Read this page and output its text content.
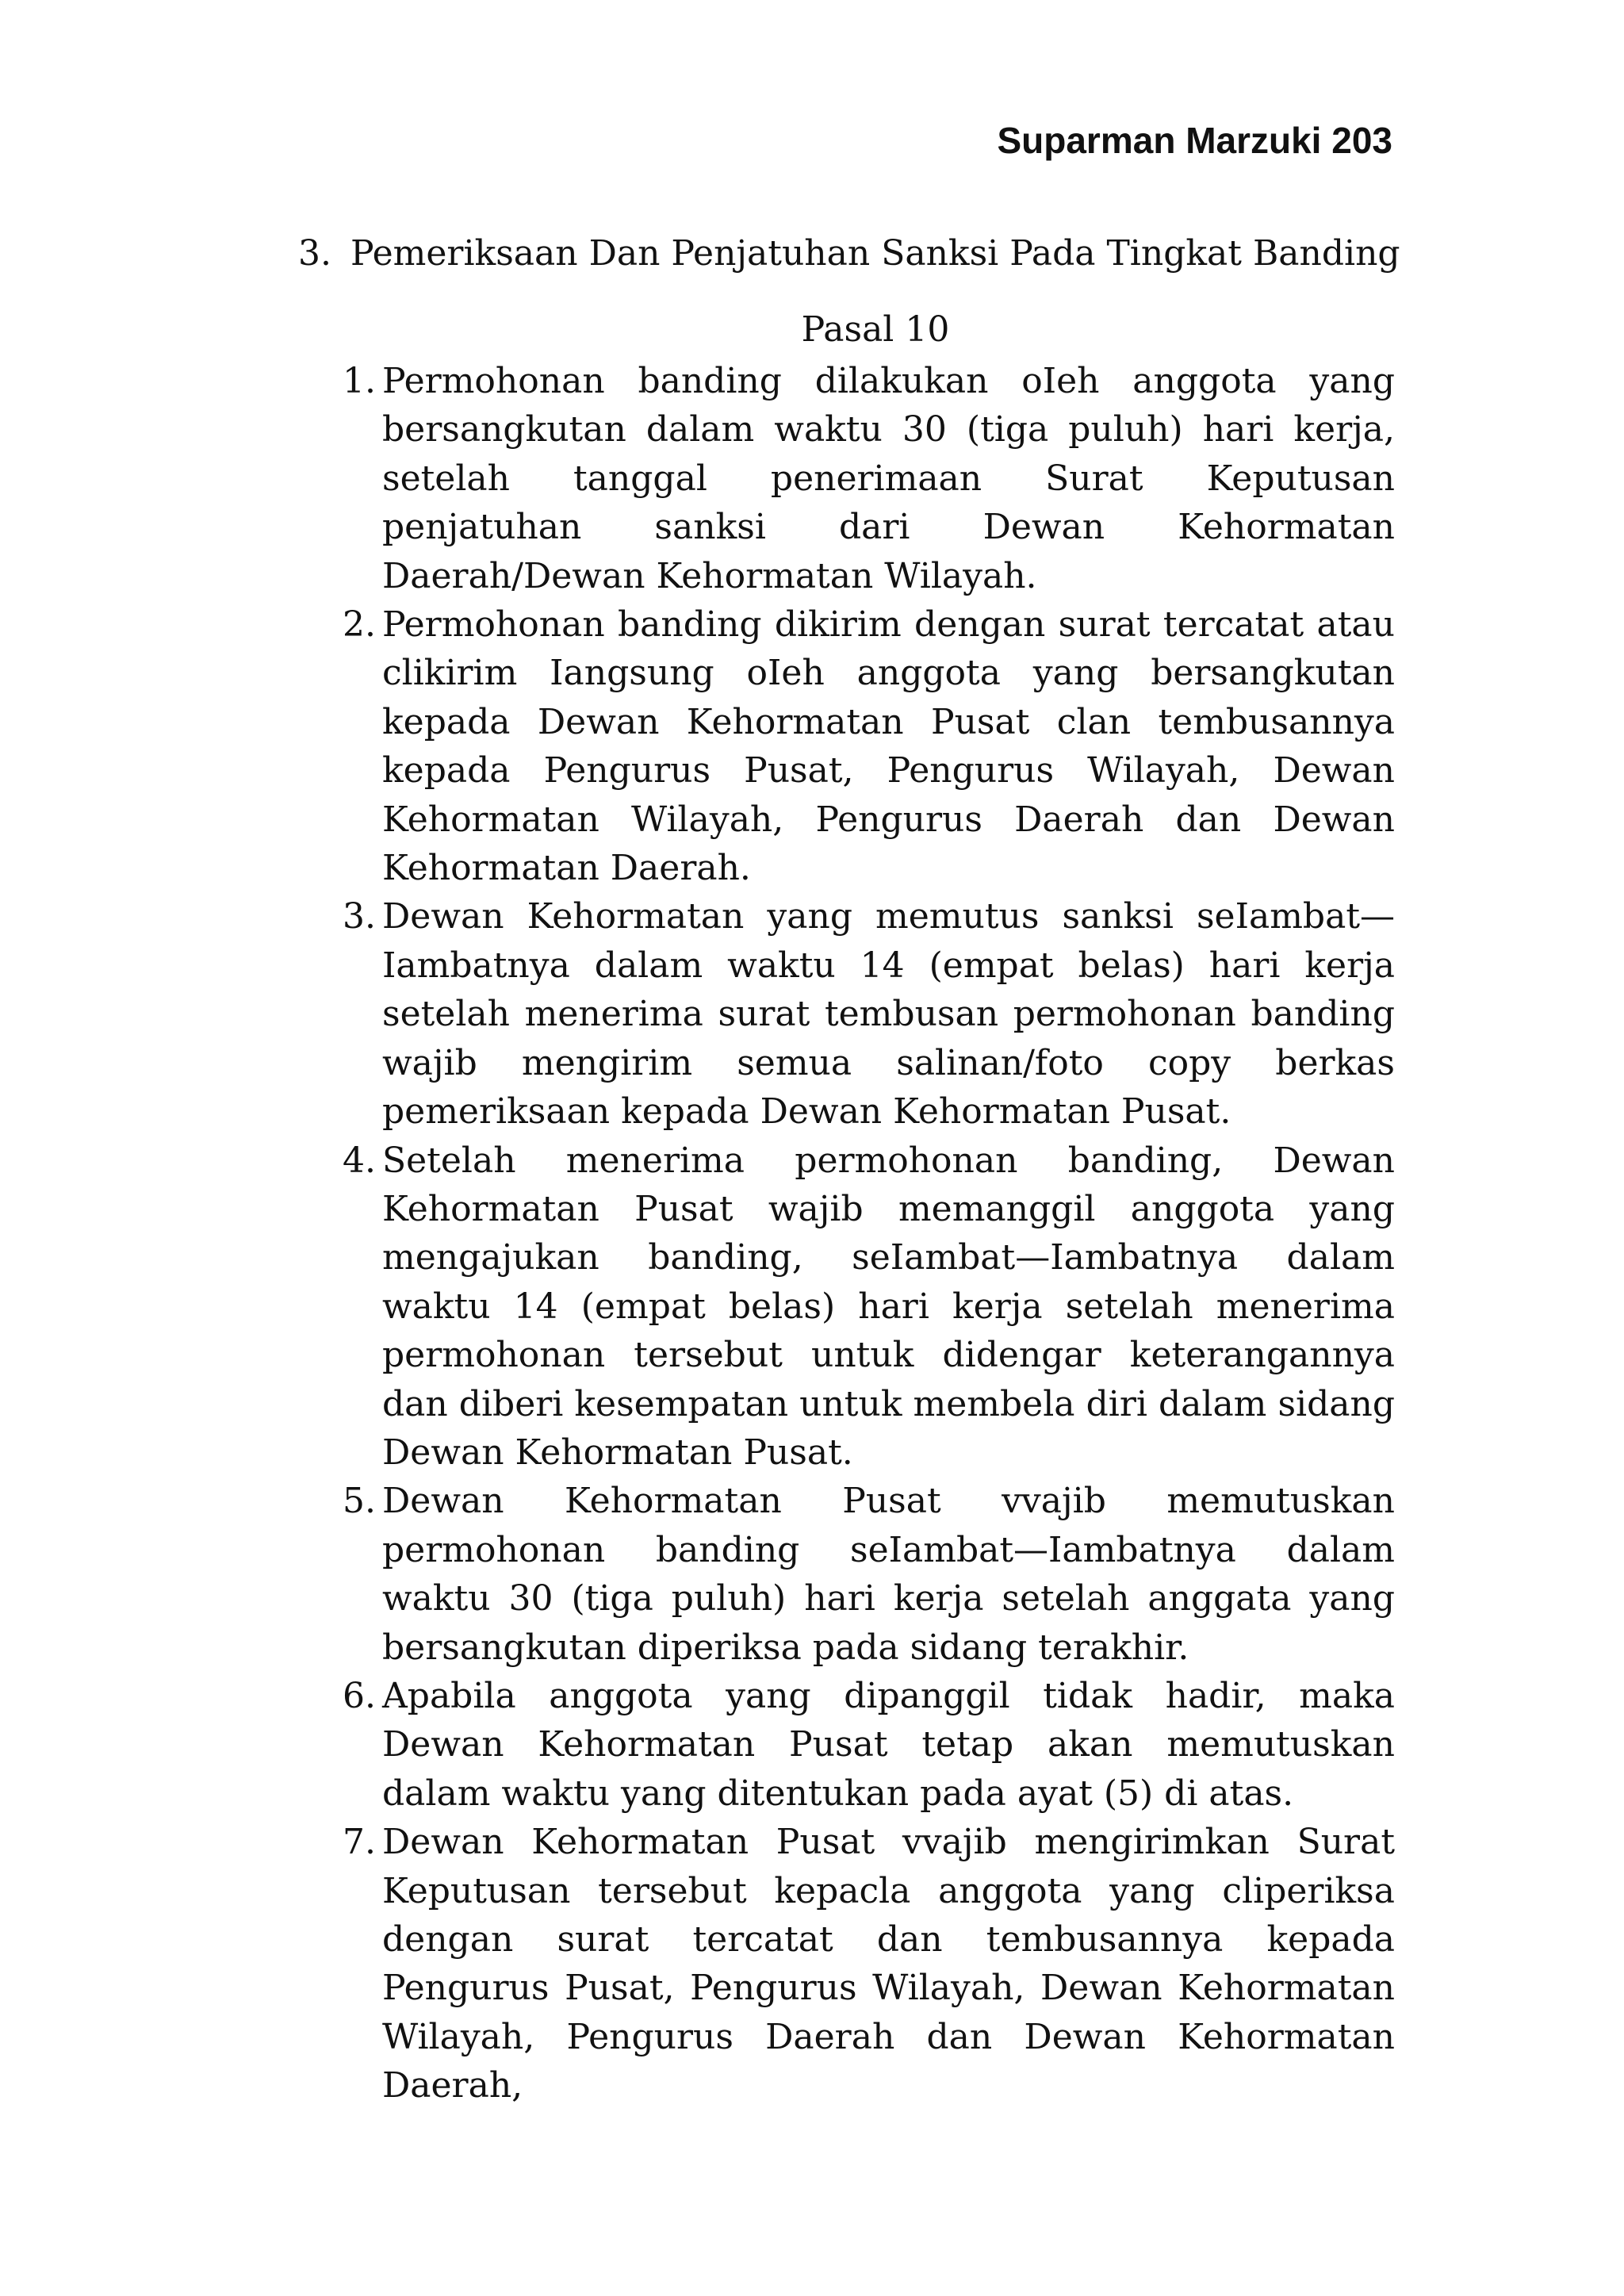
Suparman Marzuki 203
3. Pemeriksaan Dan Penjatuhan Sanksi Pada Tingkat Banding
Pasal 10
1. Permohonan banding dilakukan oIeh anggota yang bersangkutan dalam waktu 30 (tiga puluh) hari kerja, setelah tanggal penerimaan Surat Keputusan penjatuhan sanksi dari Dewan Kehormatan Daerah/Dewan Kehormatan Wilayah.
2. Permohonan banding dikirim dengan surat tercatat atau clikirim Iangsung oIeh anggota yang bersangkutan kepada Dewan Kehormatan Pusat clan tembusannya kepada Pengurus Pusat, Pengurus Wilayah, Dewan Kehormatan Wilayah, Pengurus Daerah dan Dewan Kehormatan Daerah.
3. Dewan Kehormatan yang memutus sanksi seIambat—Iambatnya dalam waktu 14 (empat belas) hari kerja setelah menerima surat tembusan permohonan banding wajib mengirim semua salinan/foto copy berkas pemeriksaan kepada Dewan Kehormatan Pusat.
4. Setelah menerima permohonan banding, Dewan Kehormatan Pusat wajib memanggil anggota yang mengajukan banding, seIambat—Iambatnya dalam waktu 14 (empat belas) hari kerja setelah menerima permohonan tersebut untuk didengar keterangannya dan diberi kesempatan untuk membela diri dalam sidang Dewan Kehormatan Pusat.
5. Dewan Kehormatan Pusat vvajib memutuskan permohonan banding seIambat—Iambatnya dalam waktu 30 (tiga puluh) hari kerja setelah anggata yang bersangkutan diperiksa pada sidang terakhir.
6. Apabila anggota yang dipanggil tidak hadir, maka Dewan Kehormatan Pusat tetap akan memutuskan dalam waktu yang ditentukan pada ayat (5) di atas.
7. Dewan Kehormatan Pusat vvajib mengirimkan Surat Keputusan tersebut kepacla anggota yang cliperiksa dengan surat tercatat dan tembusannya kepada Pengurus Pusat, Pengurus Wilayah, Dewan Kehormatan Wilayah, Pengurus Daerah dan Dewan Kehormatan Daerah,
